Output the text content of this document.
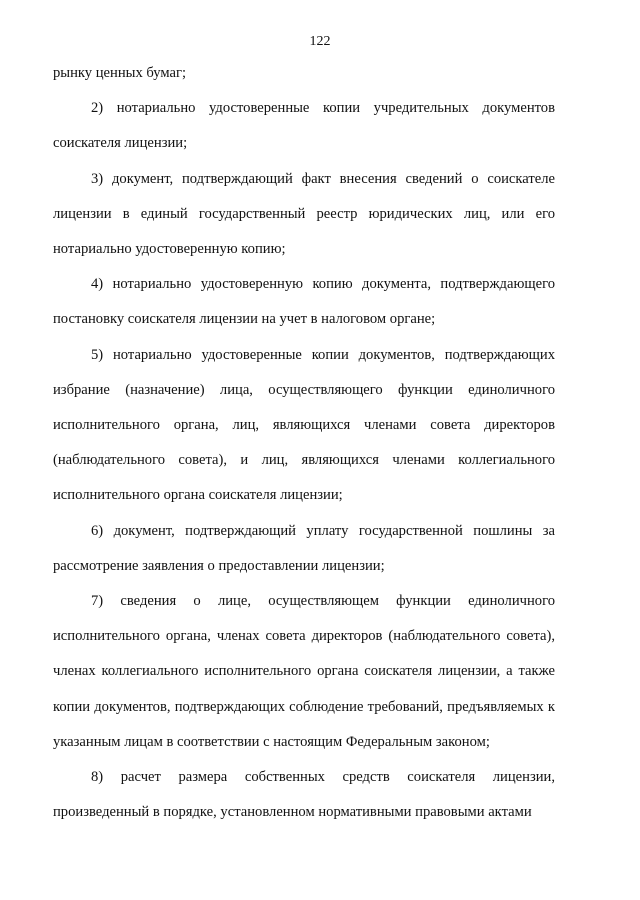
122

рынку ценных бумаг;

2) нотариально удостоверенные копии учредительных документов соискателя лицензии;

3) документ, подтверждающий факт внесения сведений о соискателе лицензии в единый государственный реестр юридических лиц, или его нотариально удостоверенную копию;

4) нотариально удостоверенную копию документа, подтверждающего постановку соискателя лицензии на учет в налоговом органе;

5) нотариально удостоверенные копии документов, подтверждающих избрание (назначение) лица, осуществляющего функции единоличного исполнительного органа, лиц, являющихся членами совета директоров (наблюдательного совета), и лиц, являющихся членами коллегиального исполнительного органа соискателя лицензии;

6) документ, подтверждающий уплату государственной пошлины за рассмотрение заявления о предоставлении лицензии;

7) сведения о лице, осуществляющем функции единоличного исполнительного органа, членах совета директоров (наблюдательного совета), членах коллегиального исполнительного органа соискателя лицензии, а также копии документов, подтверждающих соблюдение требований, предъявляемых к указанным лицам в соответствии с настоящим Федеральным законом;

8) расчет размера собственных средств соискателя лицензии, произведенный в порядке, установленном нормативными правовыми актами
